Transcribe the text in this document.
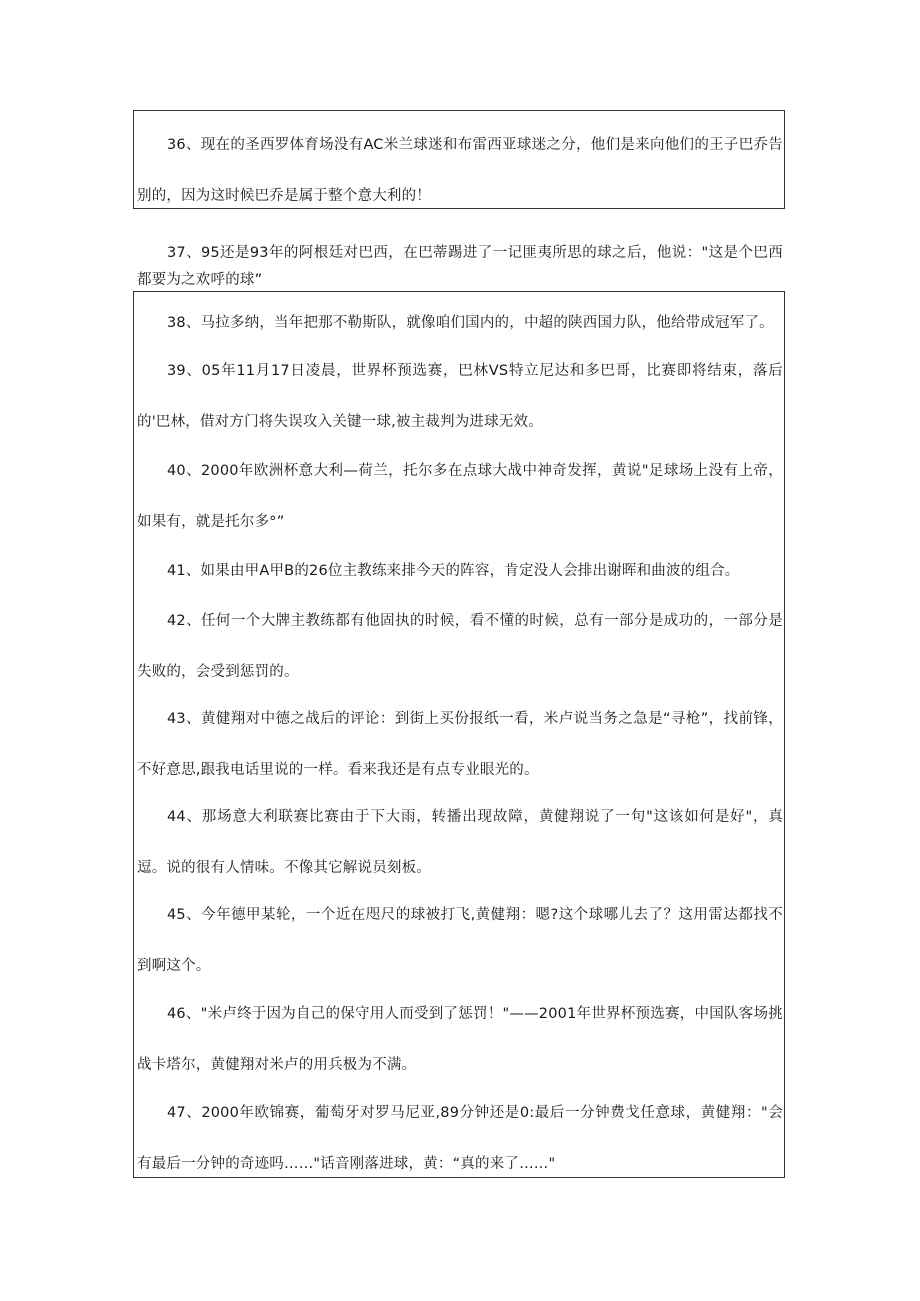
36、现在的圣西罗体育场没有AC米兰球迷和布雷西亚球迷之分，他们是来向他们的王子巴乔告别的，因为这时候巴乔是属于整个意大利的！

37、95还是93年的阿根廷对巴西，在巴蒂踢进了一记匪夷所思的球之后，他说："这是个巴西都要为之欢呼的球”

38、马拉多纳，当年把那不勒斯队，就像咱们国内的，中超的陕西国力队，他给带成冠军了。

39、05年11月17日凌晨，世界杯预选赛，巴林VS特立尼达和多巴哥，比赛即将结束，落后的'巴林，借对方门将失误攻入关键一球,被主裁判为进球无效。

40、2000年欧洲杯意大利—荷兰，托尔多在点球大战中神奇发挥，黄说"足球场上没有上帝，如果有，就是托尔多°”

41、如果由甲A甲B的26位主教练来排今天的阵容，肯定没人会排出谢晖和曲波的组合。

42、任何一个大牌主教练都有他固执的时候，看不懂的时候，总有一部分是成功的，一部分是失败的，会受到惩罚的。

43、黄健翔对中德之战后的评论：到街上买份报纸一看，米卢说当务之急是“寻枪”，找前锋，不好意思,跟我电话里说的一样。看来我还是有点专业眼光的。

44、那场意大利联赛比赛由于下大雨，转播出现故障，黄健翔说了一句"这该如何是好"，真逗。说的很有人情味。不像其它解说员刻板。

45、今年德甲某轮，一个近在咫尺的球被打飞,黄健翔：嗯?这个球哪儿去了？这用雷达都找不到啊这个。

46、"米卢终于因为自己的保守用人而受到了惩罚！"——2001年世界杯预选赛，中国队客场挑战卡塔尔，黄健翔对米卢的用兵极为不满。

47、2000年欧锦赛，葡萄牙对罗马尼亚,89分钟还是0:最后一分钟费戈任意球，黄健翔："会有最后一分钟的奇迹吗……"话音刚落进球，黄：“真的来了……"
